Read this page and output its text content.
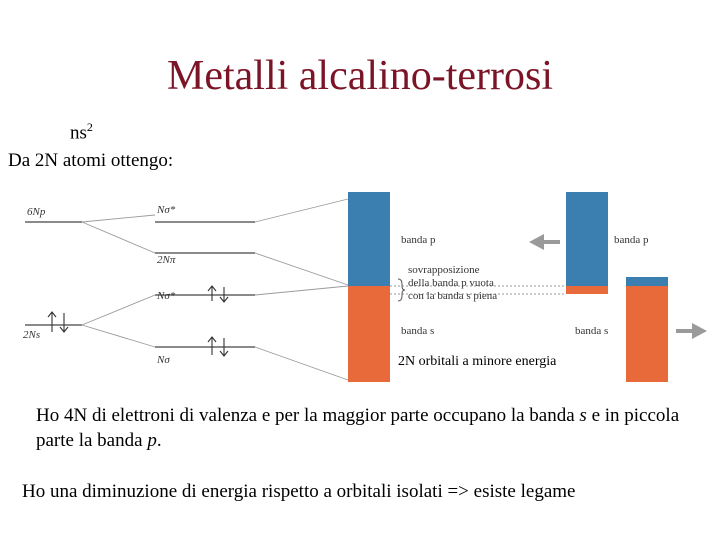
Metalli alcalino-terrosi
$ns^2$
Da 2N atomi ottengo:
6Np
2Ns
Nσ*
2Nπ
Nσ*
Nσ
banda p	banda p
banda s	banda s
sovrapposizione
della banda p vuota
con la banda s piena
2N orbitali a minore energia
Ho 4N di elettroni di valenza e per la maggior parte occupano la banda s e in piccola parte la banda p.
Ho una diminuzione di energia rispetto a orbitali isolati => esiste legame
